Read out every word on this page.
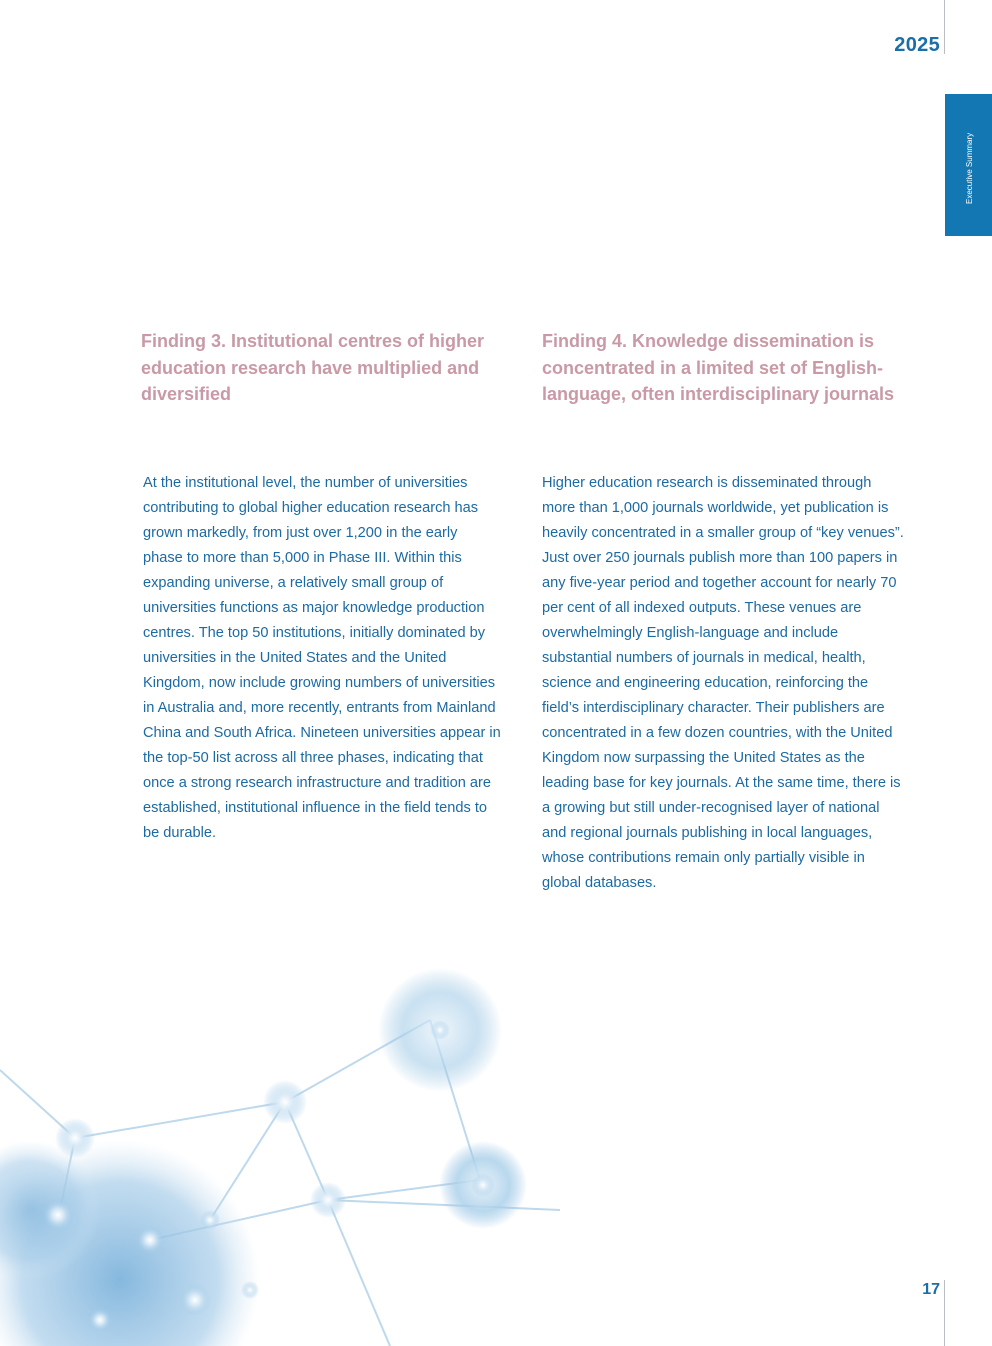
2025
Executive Summary
Finding 3. Institutional centres of higher education research have multiplied and diversified
Finding 4. Knowledge dissemination is concentrated in a limited set of English-language, often interdisciplinary journals

At the institutional level, the number of universities contributing to global higher education research has grown markedly, from just over 1,200 in the early phase to more than 5,000 in Phase III. Within this expanding universe, a relatively small group of universities functions as major knowledge production centres. The top 50 institutions, initially dominated by universities in the United States and the United Kingdom, now include growing numbers of universities in Australia and, more recently, entrants from Mainland China and South Africa. Nineteen universities appear in the top-50 list across all three phases, indicating that once a strong research infrastructure and tradition are established, institutional influence in the field tends to be durable.

Higher education research is disseminated through more than 1,000 journals worldwide, yet publication is heavily concentrated in a smaller group of “key venues”. Just over 250 journals publish more than 100 papers in any five-year period and together account for nearly 70 per cent of all indexed outputs. These venues are overwhelmingly English-language and include substantial numbers of journals in medical, health, science and engineering education, reinforcing the field’s interdisciplinary character. Their publishers are concentrated in a few dozen countries, with the United Kingdom now surpassing the United States as the leading base for key journals. At the same time, there is a growing but still under-recognised layer of national and regional journals publishing in local languages, whose contributions remain only partially visible in global databases.

17
